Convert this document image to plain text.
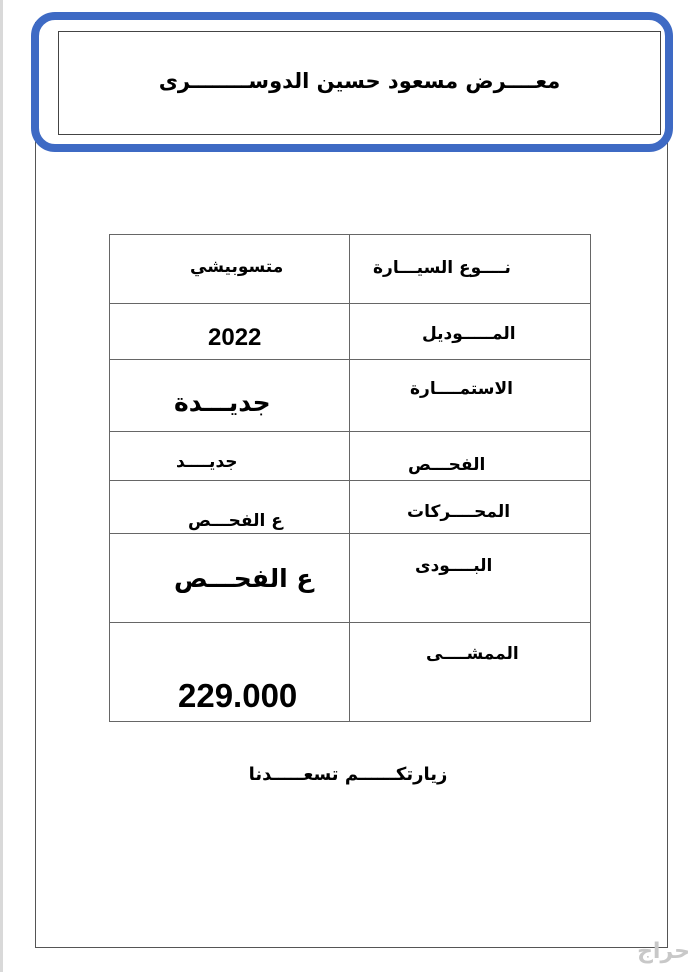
معــــرض مسعود حسين الدوســــــــرى
متسوبيشي	نــــوع السيـــارة

2022	المـــــوديل

جديـــدة	الاستمــــارة

جديــــد	الفحـــص

ع الفحـــص	المحــــركات

ع الفحـــص	البــــودى

229.000	الممشــــى
زيارتكــــــم تسعـــــدنا
حراج
